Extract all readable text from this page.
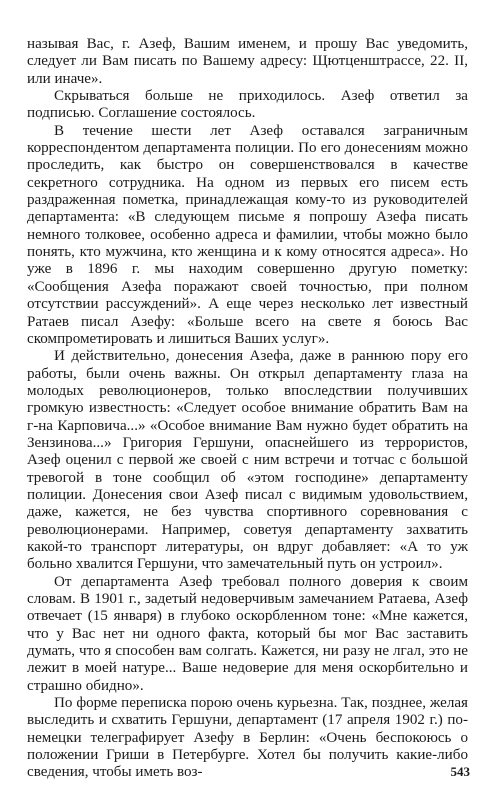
называя Вас, г. Азеф, Вашим именем, и прошу Вас уведомить, следует ли Вам писать по Вашему адресу: Щютценштрассе, 22. II, или иначе».

Скрываться больше не приходилось. Азеф ответил за подписью. Соглашение состоялось.

В течение шести лет Азеф оставался заграничным корреспондентом департамента полиции. По его донесениям можно проследить, как быстро он совершенствовался в качестве секретного сотрудника. На одном из первых его писем есть раздраженная пометка, принадлежащая кому-то из руководителей департамента: «В следующем письме я попрошу Азефа писать немного толковее, особенно адреса и фамилии, чтобы можно было понять, кто мужчина, кто женщина и к кому относятся адреса». Но уже в 1896 г. мы находим совершенно другую пометку: «Сообщения Азефа поражают своей точностью, при полном отсутствии рассуждений». А еще через несколько лет известный Ратаев писал Азефу: «Больше всего на свете я боюсь Вас скомпрометировать и лишиться Ваших услуг».

И действительно, донесения Азефа, даже в раннюю пору его работы, были очень важны. Он открыл департаменту глаза на молодых революционеров, только впоследствии получивших громкую известность: «Следует особое внимание обратить Вам на г-на Карповича...» «Особое внимание Вам нужно будет обратить на Зензинова...» Григория Гершуни, опаснейшего из террористов, Азеф оценил с первой же своей с ним встречи и тотчас с большой тревогой в тоне сообщил об «этом господине» департаменту полиции. Донесения свои Азеф писал с видимым удовольствием, даже, кажется, не без чувства спортивного соревнования с революционерами. Например, советуя департаменту захватить какой-то транспорт литературы, он вдруг добавляет: «А то уж больно хвалится Гершуни, что замечательный путь он устроил».

От департамента Азеф требовал полного доверия к своим словам. В 1901 г., задетый недоверчивым замечанием Ратаева, Азеф отвечает (15 января) в глубоко оскорбленном тоне: «Мне кажется, что у Вас нет ни одного факта, который бы мог Вас заставить думать, что я способен вам солгать. Кажется, ни разу не лгал, это не лежит в моей натуре... Ваше недоверие для меня оскорбительно и страшно обидно».

По форме переписка порою очень курьезна. Так, позднее, желая выследить и схватить Гершуни, департамент (17 апреля 1902 г.) по-немецки телеграфирует Азефу в Берлин: «Очень беспокоюсь о положении Гриши в Петербурге. Хотел бы получить какие-либо сведения, чтобы иметь воз-	543
